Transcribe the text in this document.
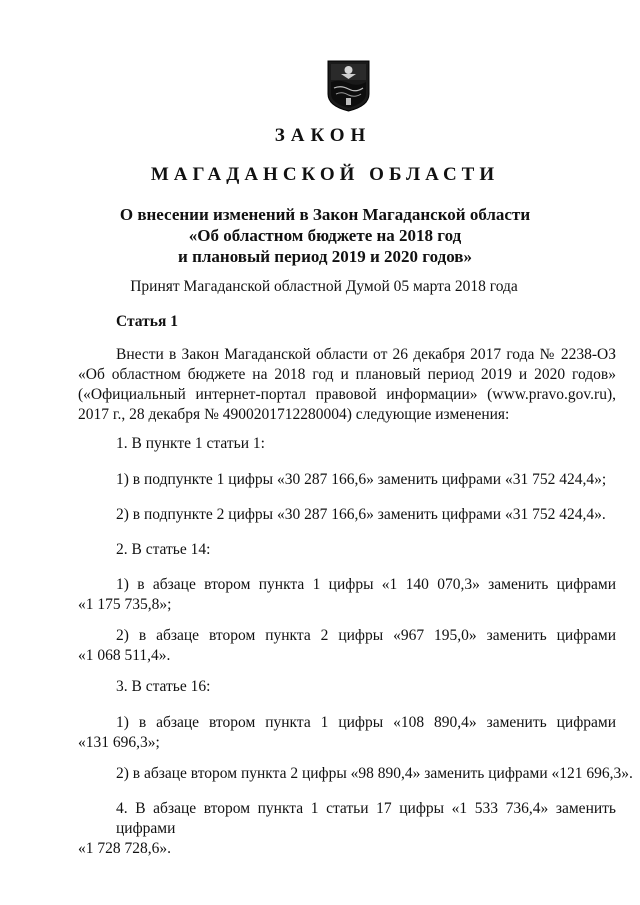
ЗАКОН
МАГАДАНСКОЙ ОБЛАСТИ
О внесении изменений в Закон Магаданской области
«Об областном бюджете на 2018 год
и плановый период 2019 и 2020 годов»
Принят Магаданской областной Думой 05 марта 2018 года
Статья 1
Внести в Закон Магаданской области от 26 декабря 2017 года № 2238-ОЗ
«Об областном бюджете на 2018 год и плановый период 2019 и 2020 годов»
(«Официальный интернет-портал правовой информации» (www.pravo.gov.ru),
2017 г., 28 декабря № 4900201712280004) следующие изменения:
1. В пункте 1 статьи 1:
1) в подпункте 1 цифры «30 287 166,6» заменить цифрами «31 752 424,4»;
2) в подпункте 2 цифры «30 287 166,6» заменить цифрами «31 752 424,4».
2. В статье 14:
1) в абзаце втором пункта 1 цифры «1 140 070,3» заменить цифрами
«1 175 735,8»;
2) в абзаце втором пункта 2 цифры «967 195,0» заменить цифрами
«1 068 511,4».
3. В статье 16:
1) в абзаце втором пункта 1 цифры «108 890,4» заменить цифрами
«131 696,3»;
2) в абзаце втором пункта 2 цифры «98 890,4» заменить цифрами «121 696,3».
4. В абзаце втором пункта 1 статьи 17 цифры «1 533 736,4» заменить цифрами
«1 728 728,6».
